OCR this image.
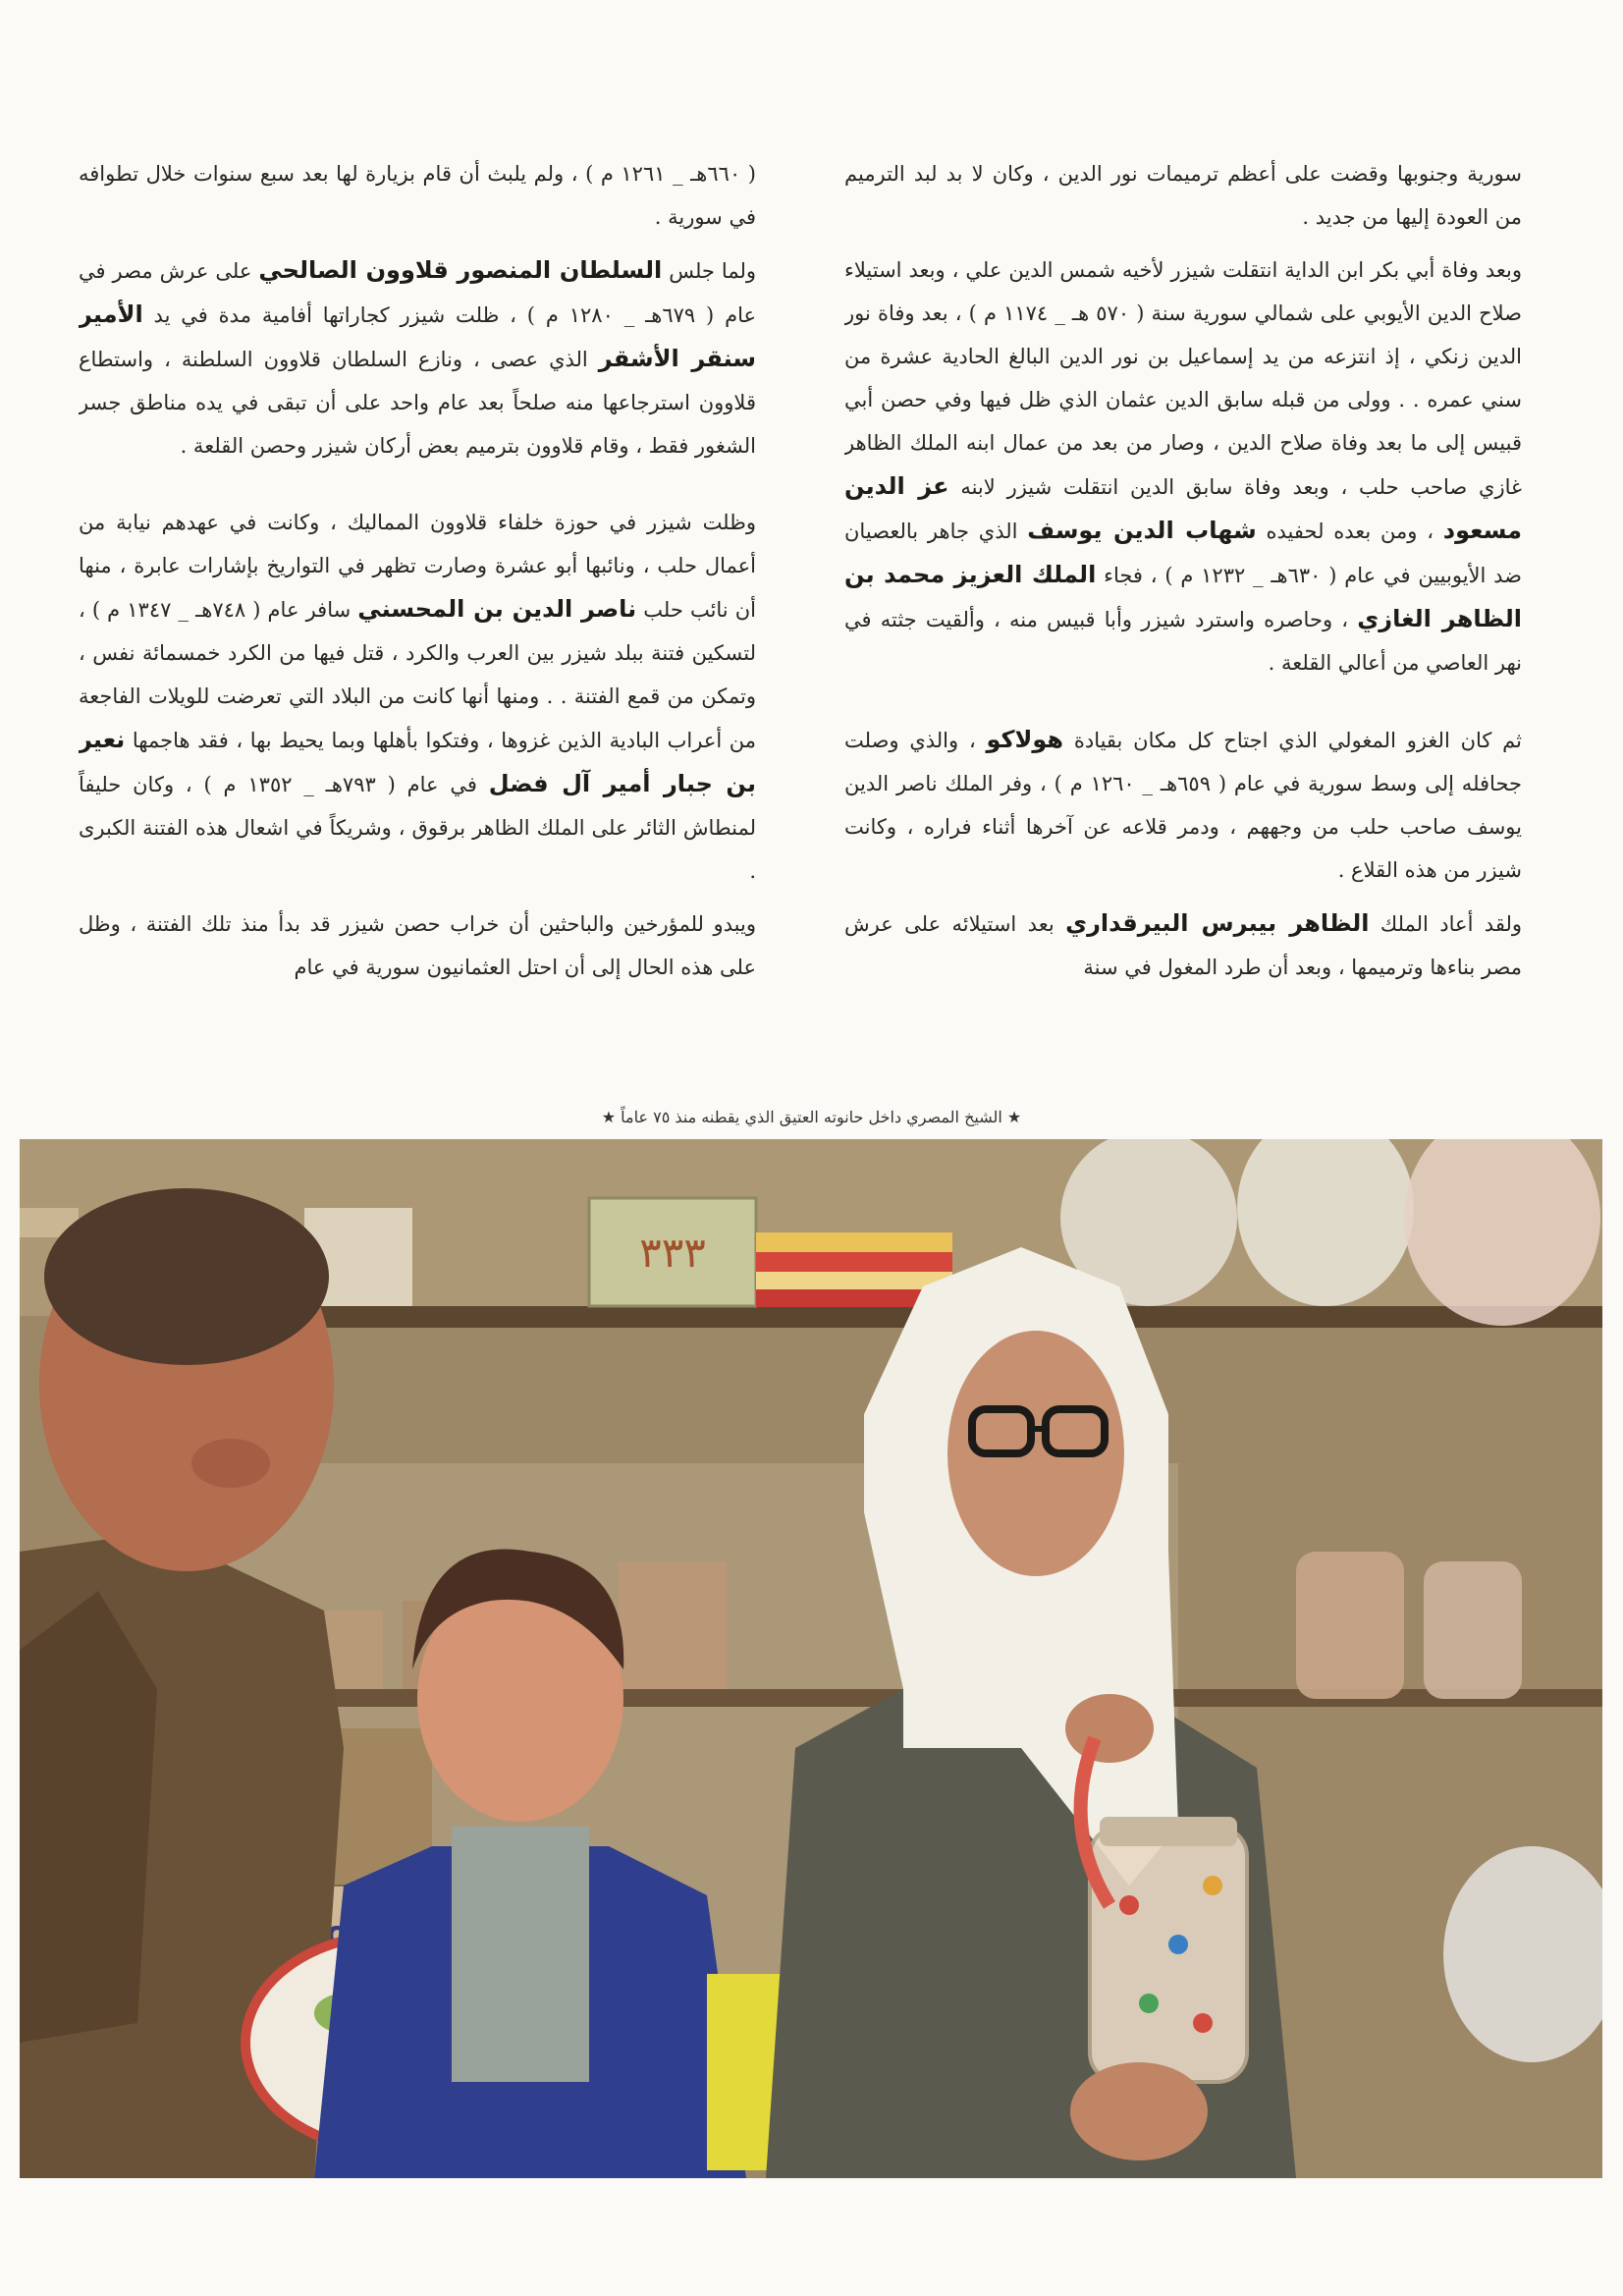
سورية وجنوبها وقضت على أعظم ترميمات نور الدين ، وكان لا بد لبد الترميم من العودة إليها من جديد .

وبعد وفاة أبي بكر ابن الداية انتقلت شيزر لأخيه شمس الدين علي ، وبعد استيلاء صلاح الدين الأيوبي على شمالي سورية سنة ( ٥٧٠ هـ _ ١١٧٤ م ) ، بعد وفاة نور الدين زنكي ، إذ انتزعه من يد إسماعيل بن نور الدين البالغ الحادية عشرة من سني عمره . . وولى من قبله سابق الدين عثمان الذي ظل فيها وفي حصن أبي قبيس إلى ما بعد وفاة صلاح الدين ، وصار من بعد من عمال ابنه الملك الظاهر غازي صاحب حلب ، وبعد وفاة سابق الدين انتقلت شيزر لابنه عز الدين مسعود ، ومن بعده لحفيده شهاب الدين يوسف الذي جاهر بالعصيان ضد الأيوبيين في عام ( ٦٣٠هـ _ ١٢٣٢ م ) ، فجاء الملك العزيز محمد بن الظاهر الغازي ، وحاصره واسترد شيزر وأبا قبيس منه ، وألقيت جثته في نهر العاصي من أعالي القلعة .

ثم كان الغزو المغولي الذي اجتاح كل مكان بقيادة هولاكو ، والذي وصلت جحافله إلى وسط سورية في عام ( ٦٥٩هـ _ ١٢٦٠ م ) ، وفر الملك ناصر الدين يوسف صاحب حلب من وجههم ، ودمر قلاعه عن آخرها أثناء فراره ، وكانت شيزر من هذه القلاع .

ولقد أعاد الملك الظاهر بيبرس البيرقداري بعد استيلائه على عرش مصر بناءها وترميمها ، وبعد أن طرد المغول في سنة

( ٦٦٠هـ _ ١٢٦١ م ) ، ولم يلبث أن قام بزيارة لها بعد سبع سنوات خلال تطوافه في سورية .

ولما جلس السلطان المنصور قلاوون الصالحي على عرش مصر في عام ( ٦٧٩هـ _ ١٢٨٠ م ) ، ظلت شيزر كجاراتها أفامية مدة في يد الأمير سنقر الأشقر الذي عصى ، ونازع السلطان قلاوون السلطنة ، واستطاع قلاوون استرجاعها منه صلحاً بعد عام واحد على أن تبقى في يده مناطق جسر الشغور فقط ، وقام قلاوون بترميم بعض أركان شيزر وحصن القلعة .

وظلت شيزر في حوزة خلفاء قلاوون المماليك ، وكانت في عهدهم نيابة من أعمال حلب ، ونائبها أبو عشرة وصارت تظهر في التواريخ بإشارات عابرة ، منها أن نائب حلب ناصر الدين بن المحسني سافر عام ( ٧٤٨هـ _ ١٣٤٧ م ) ، لتسكين فتنة ببلد شيزر بين العرب والكرد ، قتل فيها من الكرد خمسمائة نفس ، وتمكن من قمع الفتنة . . ومنها أنها كانت من البلاد التي تعرضت للويلات الفاجعة من أعراب البادية الذين غزوها ، وفتكوا بأهلها وبما يحيط بها ، فقد هاجمها نعير بن جبار أمير آل فضل في عام ( ٧٩٣هـ _ ١٣٥٢ م ) ، وكان حليفاً لمنطاش الثائر على الملك الظاهر برقوق ، وشريكاً في اشعال هذه الفتنة الكبرى .

ويبدو للمؤرخين والباحثين أن خراب حصن شيزر قد بدأ منذ تلك الفتنة ، وظل على هذه الحال إلى أن احتل العثمانيون سورية في عام

★ الشيخ المصري داخل حانوته العتيق الذي يقطنه منذ ٧٥ عاماً ★
٣٣٣
